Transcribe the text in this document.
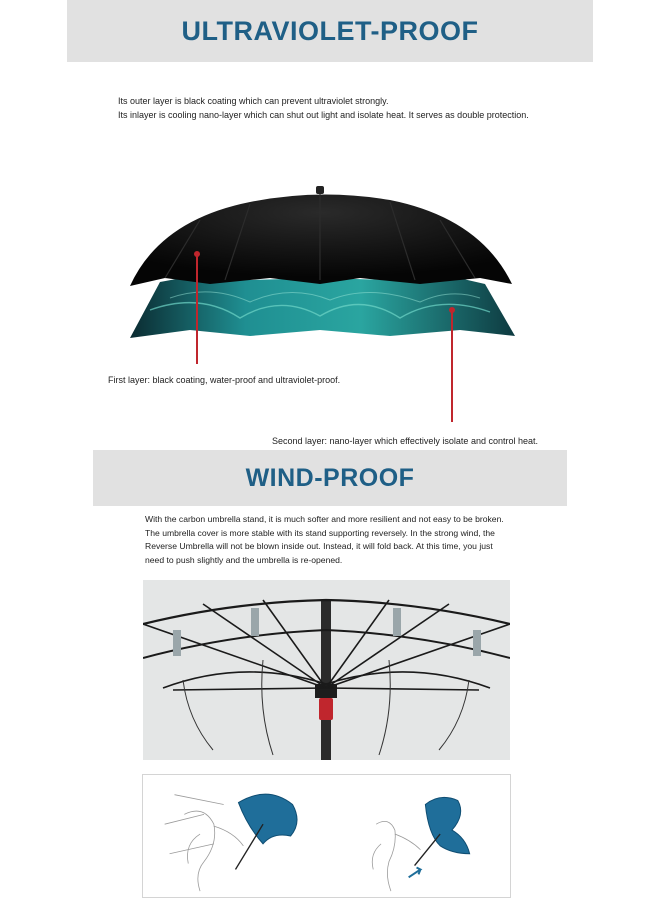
ULTRAVIOLET-PROOF
Its outer layer is black coating which can prevent ultraviolet strongly.
Its inlayer is cooling nano-layer which can shut out light and isolate heat. It serves as double protection.
First layer: black coating, water-proof and ultraviolet-proof.
Second layer: nano-layer which effectively isolate and control heat.
WIND-PROOF
With the carbon umbrella stand, it is much softer and more resilient and not easy to be broken.
The umbrella cover is more stable with its stand supporting reversely. In the strong wind, the
Reverse Umbrella will not be blown inside out. Instead, it will fold back. At this time, you just
need to push slightly and the umbrella is re-opened.
